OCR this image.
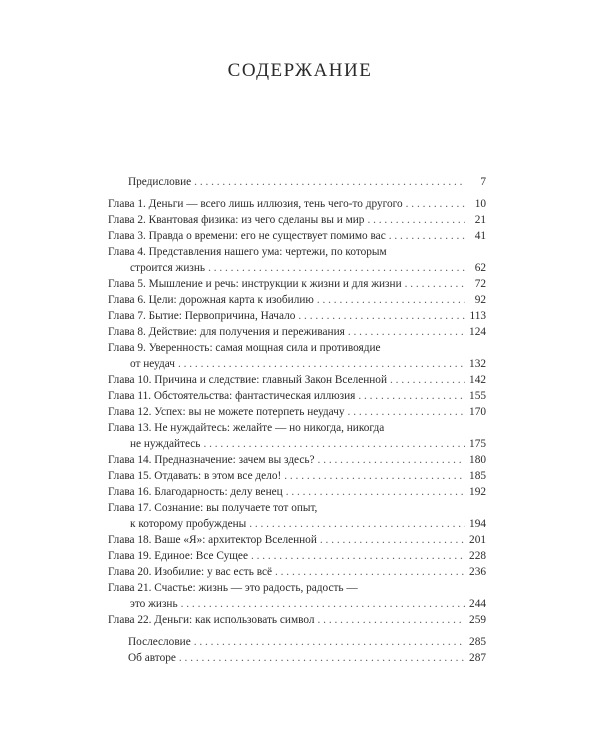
СОДЕРЖАНИЕ
Предисловие . . .	7
Глава 1. Деньги — всего лишь иллюзия, тень чего-то другого . . .	10
Глава 2. Квантовая физика: из чего сделаны вы и мир . . .	21
Глава 3. Правда о времени: его не существует помимо вас . . .	41
Глава 4. Представления нашего ума: чертежи, по которым
строится жизнь . . .	62
Глава 5. Мышление и речь: инструкции к жизни и для жизни . . .	72
Глава 6. Цели: дорожная карта к изобилию . . .	92
Глава 7. Бытие: Первопричина, Начало . . .	113
Глава 8. Действие: для получения и переживания . . .	124
Глава 9. Уверенность: самая мощная сила и противоядие
от неудач . . .	132
Глава 10. Причина и следствие: главный Закон Вселенной . . .	142
Глава 11. Обстоятельства: фантастическая иллюзия . . .	155
Глава 12. Успех: вы не можете потерпеть неудачу . . .	170
Глава 13. Не нуждайтесь: желайте — но никогда, никогда
не нуждайтесь . . .	175
Глава 14. Предназначение: зачем вы здесь? . . .	180
Глава 15. Отдавать: в этом все дело! . . .	185
Глава 16. Благодарность: делу венец . . .	192
Глава 17. Сознание: вы получаете тот опыт,
к которому пробуждены . . .	194
Глава 18. Ваше «Я»: архитектор Вселенной . . .	201
Глава 19. Единое: Все Сущее . . .	228
Глава 20. Изобилие: у вас есть всё . . .	236
Глава 21. Счастье: жизнь — это радость, радость —
это жизнь . . .	244
Глава 22. Деньги: как использовать символ . . .	259
Послесловие . . .	285
Об авторе . . .	287
